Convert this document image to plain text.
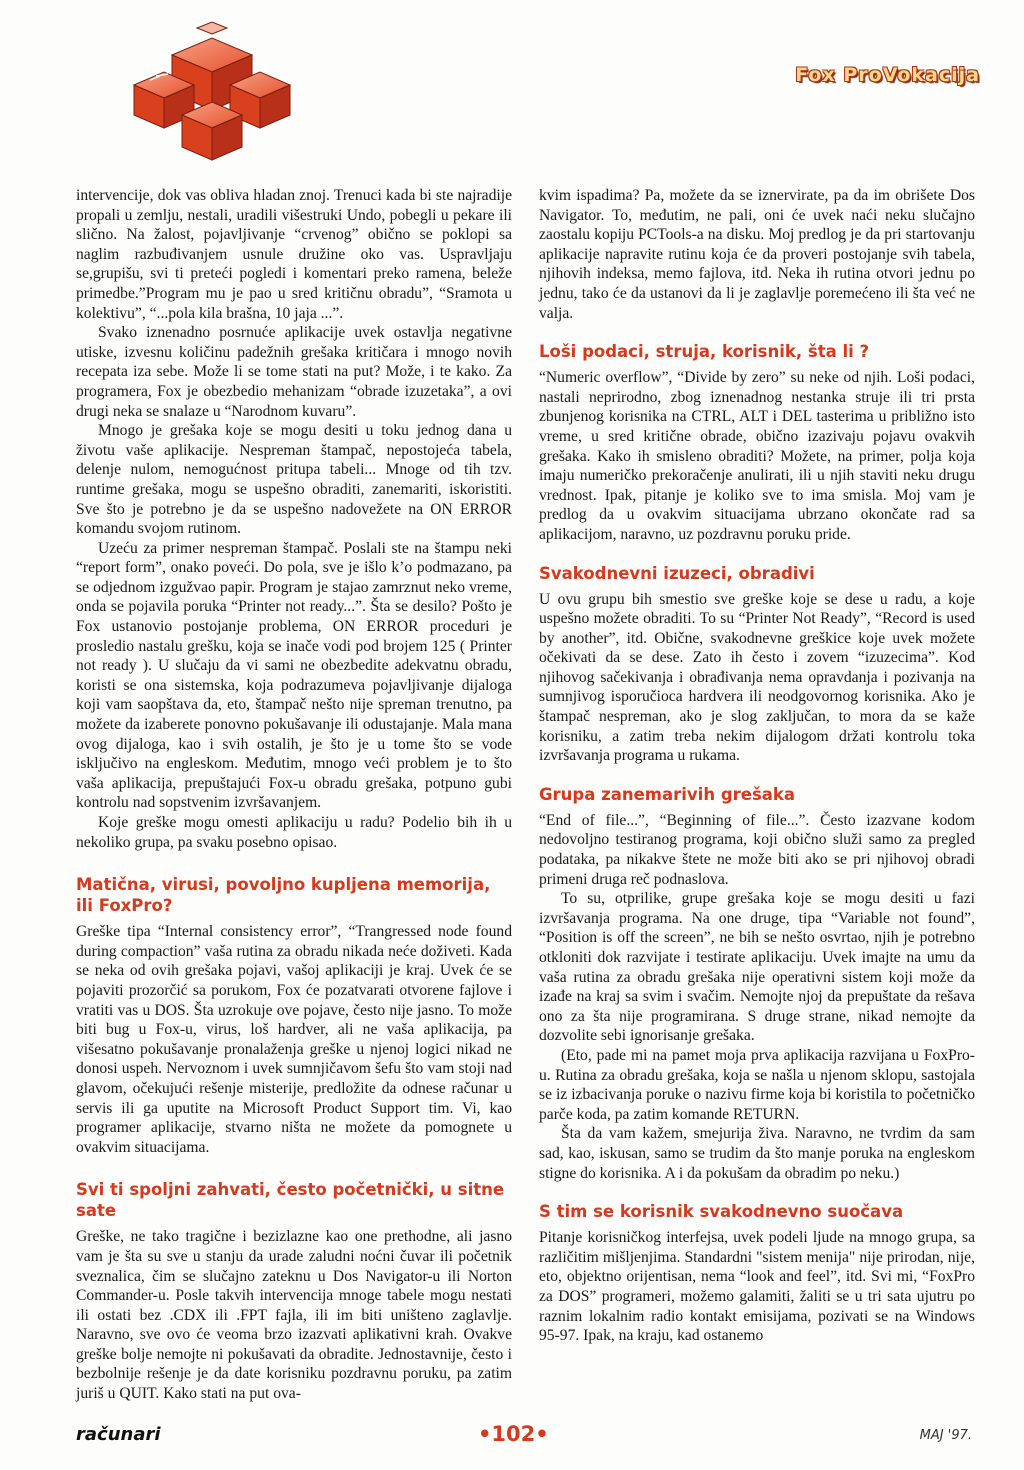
Fox ProVokacija

intervencije, dok vas obliva hladan znoj. Trenuci kada bi ste najradije propali u zemlju, nestali, uradili višestruki Undo, pobegli u pekare ili slično. Na žalost, pojavljivanje “crvenog” obično se poklopi sa naglim razbuđivanjem usnule družine oko vas. Uspravljaju se,grupišu, svi ti preteći pogledi i komentari preko ramena, beleže primedbe.”Program mu je pao u sred kritičnu obradu”, “Sramota u kolektivu”, “...pola kila brašna, 10 jaja ...”.

Svako iznenadno posrnuće aplikacije uvek ostavlja negativne utiske, izvesnu količinu padežnih grešaka kritičara i mnogo novih recepata iza sebe. Može li se tome stati na put? Može, i te kako. Za programera, Fox je obezbedio mehanizam “obrade izuzetaka”, a ovi drugi neka se snalaze u “Narodnom kuvaru”.

Mnogo je grešaka koje se mogu desiti u toku jednog dana u životu vaše aplikacije. Nespreman štampač, nepostojeća tabela, delenje nulom, nemogućnost pritupa tabeli... Mnoge od tih tzv. runtime grešaka, mogu se uspešno obraditi, zanemariti, iskoristiti. Sve što je potrebno je da se uspešno nadovežete na ON ERROR komandu svojom rutinom.

Uzeću za primer nespreman štampač. Poslali ste na štampu neki “report form”, onako poveći. Do pola, sve je išlo k’o podmazano, pa se odjednom izgužvao papir. Program je stajao zamrznut neko vreme, onda se pojavila poruka “Printer not ready...”. Šta se desilo? Pošto je Fox ustanovio postojanje problema, ON ERROR proceduri je prosledio nastalu grešku, koja se inače vodi pod brojem 125 ( Printer not ready ). U slučaju da vi sami ne obezbedite adekvatnu obradu, koristi se ona sistemska, koja podrazumeva pojavljivanje dijaloga koji vam saopštava da, eto, štampač nešto nije spreman trenutno, pa možete da izaberete ponovno pokušavanje ili odustajanje. Mala mana ovog dijaloga, kao i svih ostalih, je što je u tome što se vode isključivo na engleskom. Međutim, mnogo veći problem je to što vaša aplikacija, prepuštajući Fox-u obradu grešaka, potpuno gubi kontrolu nad sopstvenim izvršavanjem.

Koje greške mogu omesti aplikaciju u radu? Podelio bih ih u nekoliko grupa, pa svaku posebno opisao.

Matična, virusi, povoljno kupljena memorija, ili FoxPro?

Greške tipa “Internal consistency error”, “Trangressed node found during compaction” vaša rutina za obradu nikada neće doživeti. Kada se neka od ovih grešaka pojavi, vašoj aplikaciji je kraj. Uvek će se pojaviti prozorčić sa porukom, Fox će pozatvarati otvorene fajlove i vratiti vas u DOS. Šta uzrokuje ove pojave, često nije jasno. To može biti bug u Fox-u, virus, loš hardver, ali ne vaša aplikacija, pa višesatno pokušavanje pronalaženja greške u njenoj logici nikad ne donosi uspeh. Nervoznom i uvek sumnjičavom šefu što vam stoji nad glavom, očekujući rešenje misterije, predložite da odnese računar u servis ili ga uputite na Microsoft Product Support tim. Vi, kao programer aplikacije, stvarno ništa ne možete da pomognete u ovakvim situacijama.

Svi ti spoljni zahvati, često početnički, u sitne sate

Greške, ne tako tragične i bezizlazne kao one prethodne, ali jasno vam je šta su sve u stanju da urade zaludni noćni čuvar ili početnik sveznalica, čim se slučajno zateknu u Dos Navigator-u ili Norton Commander-u. Posle takvih intervencija mnoge tabele mogu nestati ili ostati bez .CDX ili .FPT fajla, ili im biti uništeno zaglavlje. Naravno, sve ovo će veoma brzo izazvati aplikativni krah. Ovakve greške bolje nemojte ni pokušavati da obradite. Jednostavnije, često i bezbolnije rešenje je da date korisniku pozdravnu poruku, pa zatim juriš u QUIT. Kako stati na put ova-

kvim ispadima? Pa, možete da se iznervirate, pa da im obrišete Dos Navigator. To, međutim, ne pali, oni će uvek naći neku slučajno zaostalu kopiju PCTools-a na disku. Moj predlog je da pri startovanju aplikacije napravite rutinu koja će da proveri postojanje svih tabela, njihovih indeksa, memo fajlova, itd. Neka ih rutina otvori jednu po jednu, tako će da ustanovi da li je zaglavlje poremećeno ili šta već ne valja.

Loši podaci, struja, korisnik, šta li ?

“Numeric overflow”, “Divide by zero” su neke od njih. Loši podaci, nastali neprirodno, zbog iznenadnog nestanka struje ili tri prsta zbunjenog korisnika na CTRL, ALT i DEL tasterima u približno isto vreme, u sred kritične obrade, obično izazivaju pojavu ovakvih grešaka. Kako ih smisleno obraditi? Možete, na primer, polja koja imaju numeričko prekoračenje anulirati, ili u njih staviti neku drugu vrednost. Ipak, pitanje je koliko sve to ima smisla. Moj vam je predlog da u ovakvim situacijama ubrzano okončate rad sa aplikacijom, naravno, uz pozdravnu poruku pride.

Svakodnevni izuzeci, obradivi

U ovu grupu bih smestio sve greške koje se dese u radu, a koje uspešno možete obraditi. To su “Printer Not Ready”, “Record is used by another”, itd. Obične, svakodnevne greškice koje uvek možete očekivati da se dese. Zato ih često i zovem “izuzecima”. Kod njihovog sačekivanja i obrađivanja nema opravdanja i pozivanja na sumnjivog isporučioca hardvera ili neodgovornog korisnika. Ako je štampač nespreman, ako je slog zaključan, to mora da se kaže korisniku, a zatim treba nekim dijalogom držati kontrolu toka izvršavanja programa u rukama.

Grupa zanemarivih grešaka

“End of file...”, “Beginning of file...”. Često izazvane kodom nedovoljno testiranog programa, koji obično služi samo za pregled podataka, pa nikakve štete ne može biti ako se pri njihovoj obradi primeni druga reč podnaslova.

To su, otprilike, grupe grešaka koje se mogu desiti u fazi izvršavanja programa. Na one druge, tipa “Variable not found”, “Position is off the screen”, ne bih se nešto osvrtao, njih je potrebno otkloniti dok razvijate i testirate aplikaciju. Uvek imajte na umu da vaša rutina za obradu grešaka nije operativni sistem koji može da izađe na kraj sa svim i svačim. Nemojte njoj da prepuštate da rešava ono za šta nije programirana. S druge strane, nikad nemojte da dozvolite sebi ignorisanje grešaka.

(Eto, pade mi na pamet moja prva aplikacija razvijana u FoxPro-u. Rutina za obradu grešaka, koja se našla u njenom sklopu, sastojala se iz izbacivanja poruke o nazivu firme koja bi koristila to početničko parče koda, pa zatim komande RETURN.

Šta da vam kažem, smejurija živa. Naravno, ne tvrdim da sam sad, kao, iskusan, samo se trudim da što manje poruka na engleskom stigne do korisnika. A i da pokušam da obradim po neku.)

S tim se korisnik svakodnevno suočava

Pitanje korisničkog interfejsa, uvek podeli ljude na mnogo grupa, sa različitim mišljenjima. Standardni "sistem menija" nije prirodan, nije, eto, objektno orijentisan, nema “look and feel”, itd. Svi mi, “FoxPro za DOS” programeri, možemo galamiti, žaliti se u tri sata ujutru po raznim lokalnim radio kontakt emisijama, pozivati se na Windows 95-97. Ipak, na kraju, kad ostanemo

računari	•102•	MAJ '97.
